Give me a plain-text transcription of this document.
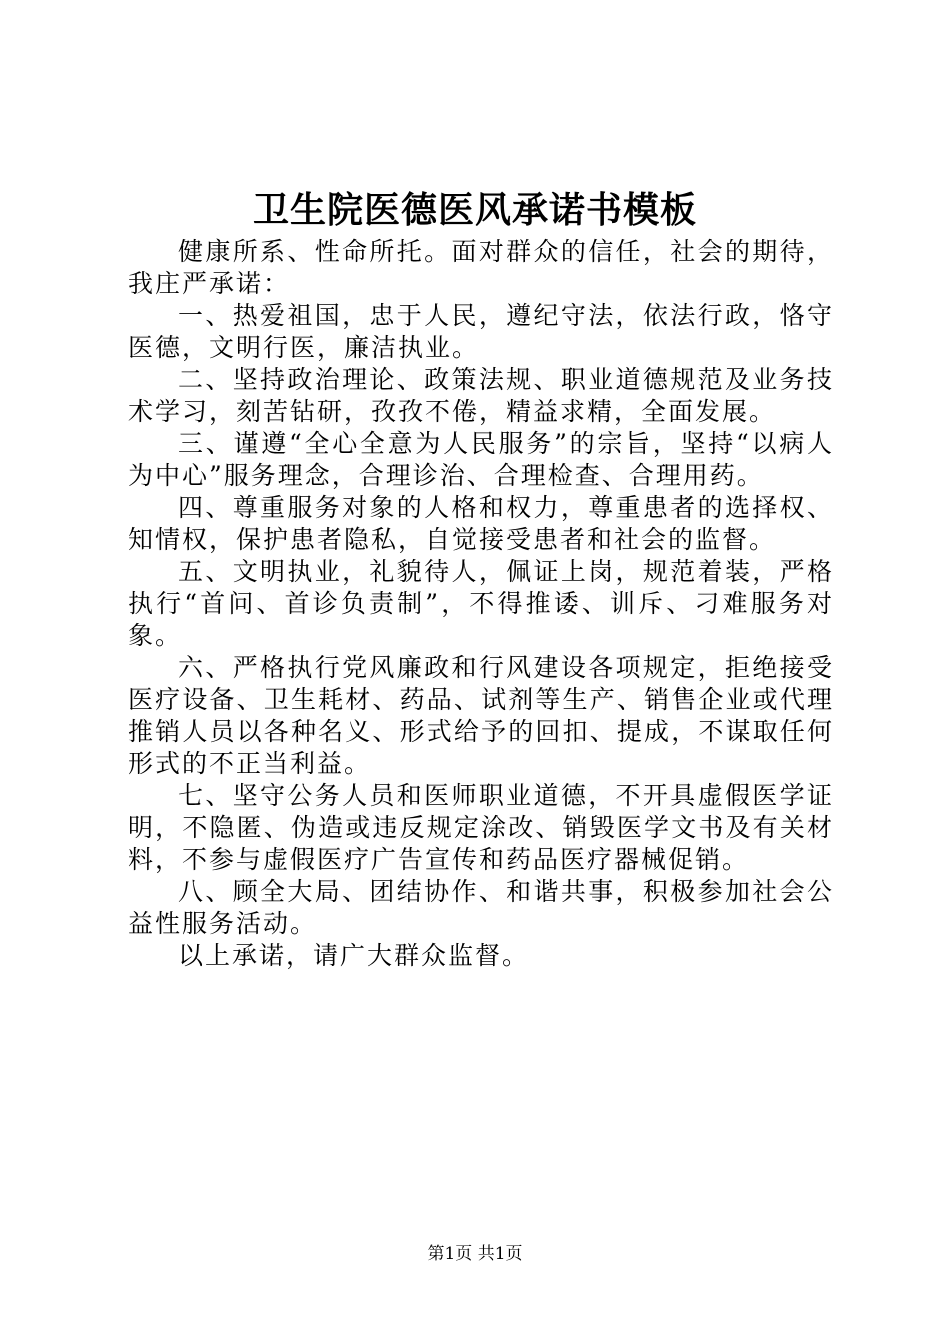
卫生院医德医风承诺书模板

健康所系、性命所托。面对群众的信任，社会的期待，我庄严承诺：

一、热爱祖国，忠于人民，遵纪守法，依法行政，恪守医德，文明行医，廉洁执业。

二、坚持政治理论、政策法规、职业道德规范及业务技术学习，刻苦钻研，孜孜不倦，精益求精，全面发展。

三、谨遵“全心全意为人民服务”的宗旨，坚持“以病人为中心”服务理念，合理诊治、合理检查、合理用药。

四、尊重服务对象的人格和权力，尊重患者的选择权、知情权，保护患者隐私，自觉接受患者和社会的监督。

五、文明执业，礼貌待人，佩证上岗，规范着装，严格执行“首问、首诊负责制”，不得推诿、训斥、刁难服务对象。

六、严格执行党风廉政和行风建设各项规定，拒绝接受医疗设备、卫生耗材、药品、试剂等生产、销售企业或代理推销人员以各种名义、形式给予的回扣、提成，不谋取任何形式的不正当利益。

七、坚守公务人员和医师职业道德，不开具虚假医学证明，不隐匿、伪造或违反规定涂改、销毁医学文书及有关材料，不参与虚假医疗广告宣传和药品医疗器械促销。

八、顾全大局、团结协作、和谐共事，积极参加社会公益性服务活动。

以上承诺，请广大群众监督。

第1页 共1页
